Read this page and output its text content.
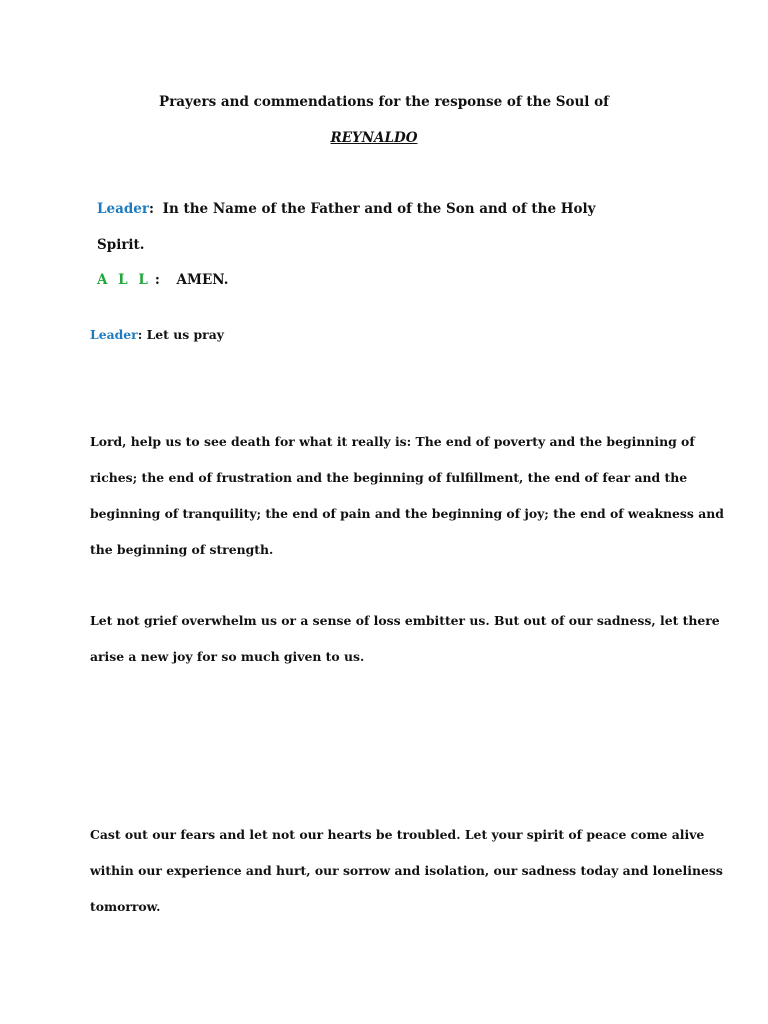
Prayers and commendations for the response of the Soul of
REYNALDO
Leader: In the Name of the Father and of the Son and of the Holy
Spirit.
A L L : AMEN.
Leader: Let us pray
Lord, help us to see death for what it really is: The end of poverty and the beginning of
riches; the end of frustration and the beginning of fulfillment, the end of fear and the
beginning of tranquility; the end of pain and the beginning of joy; the end of weakness and
the beginning of strength.
Let not grief overwhelm us or a sense of loss embitter us. But out of our sadness, let there
arise a new joy for so much given to us.
Cast out our fears and let not our hearts be troubled. Let your spirit of peace come alive
within our experience and hurt, our sorrow and isolation, our sadness today and loneliness
tomorrow.
